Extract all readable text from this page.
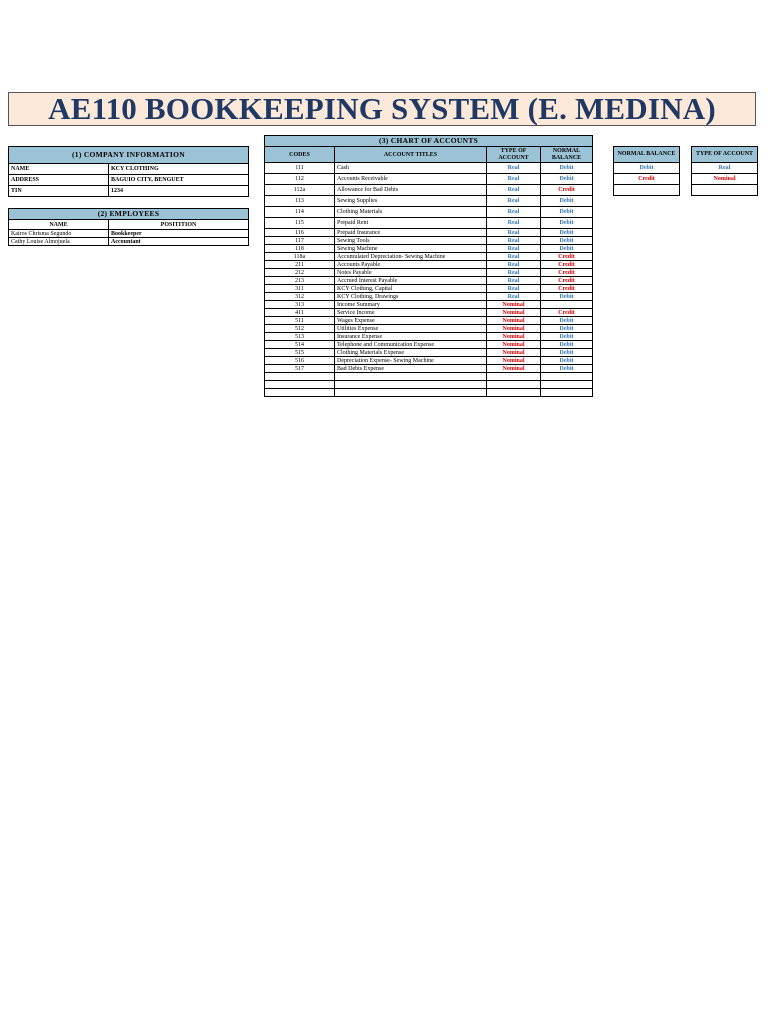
AE110 BOOKKEEPING SYSTEM (E. MEDINA)
(1) COMPANY INFORMATION	
NAME	KCY CLOTHING
ADDRESS	BAGUIO CITY, BENGUET
TIN	1234
(2) EMPLOYEES	
NAME	POSITITION
Kairos Chrisma Segundo	Bookkeeper
Cathy Louise Almojuela	Accountant
(3) CHART OF ACCOUNTS			
CODES	ACCOUNT TITLES	TYPE OF ACCOUNT	NORMAL BALANCE
111	Cash	Real	Debit
112	Accounts Receivable	Real	Debit
112a	Allowance for Bad Debts	Real	Credit
113	Sewing Supplies	Real	Debit
114	Clothing Materials	Real	Debit
115	Prepaid Rent	Real	Debit
116	Prepaid Insurance	Real	Debit
117	Sewing Tools	Real	Debit
118	Sewing Machine	Real	Debit
118a	Accumulated Depreciation- Sewing Machine	Real	Credit
211	Accounts Payable	Real	Credit
212	Notes Payable	Real	Credit
213	Accrued Interest Payable	Real	Credit
311	KCY Clothing, Capital	Real	Credit
312	KCY Clothing, Drawings	Real	Debit
313	Income Summary	Nominal	
411	Service Income	Nominal	Credit
511	Wages Expense	Nominal	Debit
512	Utilities Expense	Nominal	Debit
513	Insurance Expense	Nominal	Debit
514	Telephone and Communication Expense	Nominal	Debit
515	Clothing Materials Expense	Nominal	Debit
516	Depreciation Expense- Sewing Machine	Nominal	Debit
517	Bad Debts Expense	Nominal	Debit

NORMAL BALANCE
Debit
Credit

TYPE OF ACCOUNT
Real
Nominal
